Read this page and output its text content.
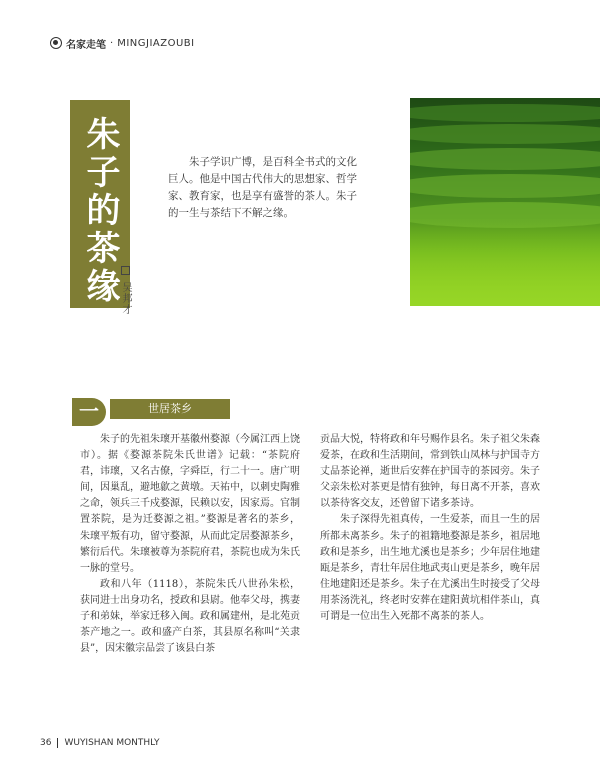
名家走笔 · MINGJIAZOUBI
朱子的茶缘 吴邦才

朱子学识广博，是百科全书式的文化巨人。他是中国古代伟大的思想家、哲学家、教育家，也是享有盛誉的茶人。朱子的一生与茶结下不解之缘。

一	世居茶乡

朱子的先祖朱瓌开基徽州婺源（今属江西上饶市）。据《婺源茶院朱氏世谱》记载：“茶院府君，讳瓌，又名古僚，字舜臣，行二十一。唐广明间，因巢乱，避地歙之黄墩。天祐中，以刺史陶雅之命，领兵三千戍婺源，民赖以安，因家焉。官制置茶院，是为迁婺源之祖。”婺源是著名的茶乡，朱瓌平叛有功，留守婺源，从而此定居婺源茶乡，繁衍后代。朱瓌被尊为茶院府君，茶院也成为朱氏一脉的堂号。

政和八年（1118），茶院朱氏八世孙朱松，获同进士出身功名，授政和县尉。他奉父母，携妻子和弟妹，举家迁移入闽。政和属建州，是北苑贡茶产地之一。政和盛产白茶，其县原名称叫“关隶县”，因宋徽宗品尝了该县白茶

贡品大悦，特将政和年号赐作县名。朱子祖父朱森爱茶，在政和生活期间，常到铁山凤林与护国寺方丈品茶论禅，逝世后安葬在护国寺的茶园旁。朱子父亲朱松对茶更是情有独钟，每日离不开茶，喜欢以茶待客交友，还曾留下诸多茶诗。

朱子深得先祖真传，一生爱茶，而且一生的居所都未离茶乡。朱子的祖籍地婺源是茶乡，祖居地政和是茶乡，出生地尤溪也是茶乡；少年居住地建瓯是茶乡，青壮年居住地武夷山更是茶乡，晚年居住地建阳还是茶乡。朱子在尤溪出生时接受了父母用茶汤洗礼，终老时安葬在建阳黄坑相伴茶山，真可谓是一位出生入死都不离茶的茶人。

36 WUYISHAN MONTHLY
